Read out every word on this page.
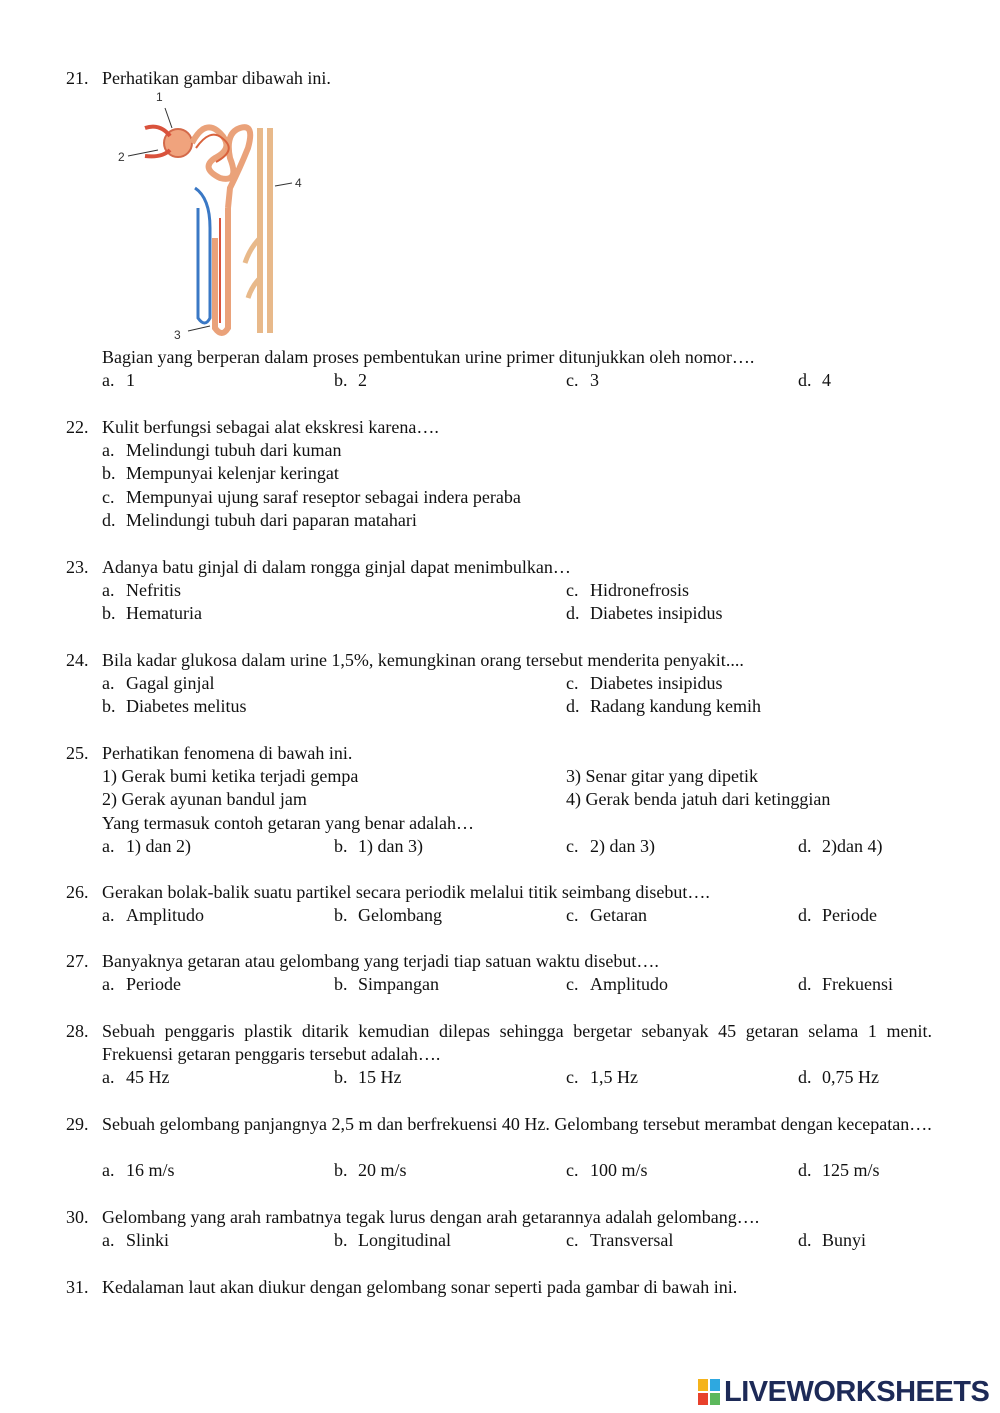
21. Perhatikan gambar dibawah ini.
1
2
3
4
Bagian yang berperan dalam proses pembentukan urine primer ditunjukkan oleh nomor….
a. 1	b. 2	c. 3	d. 4
22. Kulit berfungsi sebagai alat ekskresi karena….
a. Melindungi tubuh dari kuman
b. Mempunyai kelenjar keringat
c. Mempunyai ujung saraf reseptor sebagai indera peraba
d. Melindungi tubuh dari paparan matahari
23. Adanya batu ginjal di dalam rongga ginjal dapat menimbulkan…
a. Nefritis	c. Hidronefrosis
b. Hematuria	d. Diabetes insipidus
24. Bila kadar glukosa dalam urine 1,5%, kemungkinan orang tersebut menderita penyakit....
a. Gagal ginjal	c. Diabetes insipidus
b. Diabetes melitus	d. Radang kandung kemih
25. Perhatikan fenomena di bawah ini.
1) Gerak bumi ketika terjadi gempa	3) Senar gitar yang dipetik
2) Gerak ayunan bandul jam	4) Gerak benda jatuh dari ketinggian
Yang termasuk contoh getaran yang benar adalah…
a. 1) dan 2)	b. 1) dan 3)	c. 2) dan 3)	d. 2)dan 4)
26. Gerakan bolak-balik suatu partikel secara periodik melalui titik seimbang disebut….
a. Amplitudo	b. Gelombang	c. Getaran	d. Periode
27. Banyaknya getaran atau gelombang yang terjadi tiap satuan waktu disebut….
a. Periode	b. Simpangan	c. Amplitudo	d. Frekuensi
28. Sebuah penggaris plastik ditarik kemudian dilepas sehingga bergetar sebanyak 45 getaran selama 1 menit. Frekuensi getaran penggaris tersebut adalah….
a. 45 Hz	b. 15 Hz	c. 1,5 Hz	d. 0,75 Hz
29. Sebuah gelombang panjangnya 2,5 m dan berfrekuensi 40 Hz. Gelombang tersebut merambat dengan kecepatan….
a. 16 m/s	b. 20 m/s	c. 100 m/s	d. 125 m/s
30. Gelombang yang arah rambatnya tegak lurus dengan arah getarannya adalah gelombang….
a. Slinki	b. Longitudinal	c. Transversal	d. Bunyi
31. Kedalaman laut akan diukur dengan gelombang sonar seperti pada gambar di bawah ini.
LIVEWORKSHEETS
